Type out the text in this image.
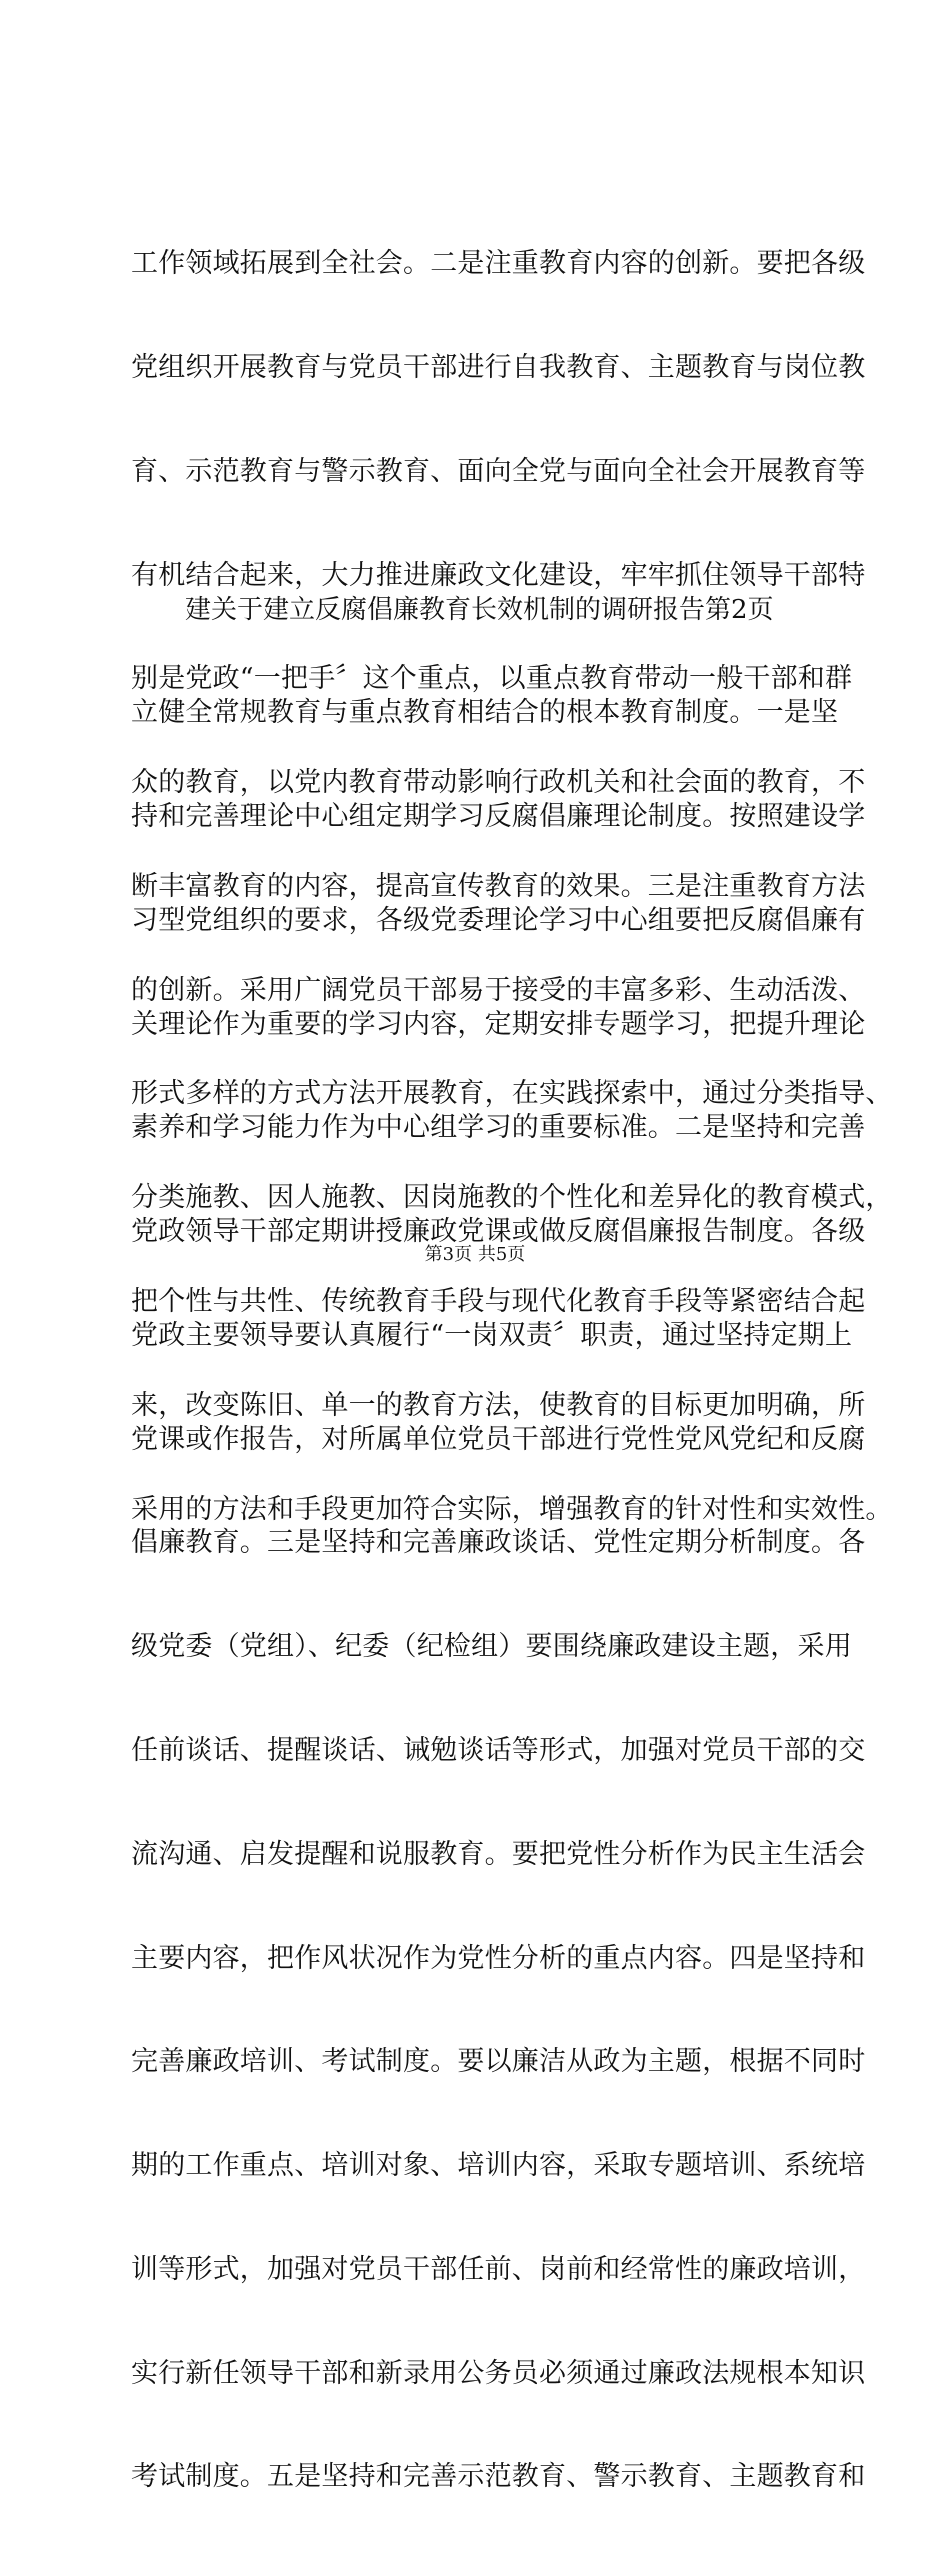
工作领域拓展到全社会。二是注重教育内容的创新。要把各级

党组织开展教育与党员干部进行自我教育、主题教育与岗位教

育、示范教育与警示教育、面向全党与面向全社会开展教育等

有机结合起来，大力推进廉政文化建设，牢牢抓住领导干部特

别是党政“一把手〞这个重点，以重点教育带动一般干部和群

众的教育，以党内教育带动影响行政机关和社会面的教育，不

断丰富教育的内容，提高宣传教育的效果。三是注重教育方法

的创新。采用广阔党员干部易于接受的丰富多彩、生动活泼、

形式多样的方式方法开展教育，在实践探索中，通过分类指导、

分类施教、因人施教、因岗施教的个性化和差异化的教育模式，

把个性与共性、传统教育手段与现代化教育手段等紧密结合起

来，改变陈旧、单一的教育方法，使教育的目标更加明确，所

采用的方法和手段更加符合实际，增强教育的针对性和实效性。

建关于建立反腐倡廉教育长效机制的调研报告第2页

立健全常规教育与重点教育相结合的根本教育制度。一是坚

持和完善理论中心组定期学习反腐倡廉理论制度。按照建设学

习型党组织的要求，各级党委理论学习中心组要把反腐倡廉有

关理论作为重要的学习内容，定期安排专题学习，把提升理论

素养和学习能力作为中心组学习的重要标准。二是坚持和完善

党政领导干部定期讲授廉政党课或做反腐倡廉报告制度。各级

党政主要领导要认真履行“一岗双责〞职责，通过坚持定期上

党课或作报告，对所属单位党员干部进行党性党风党纪和反腐

倡廉教育。三是坚持和完善廉政谈话、党性定期分析制度。各

级党委（党组）、纪委（纪检组）要围绕廉政建设主题，采用

任前谈话、提醒谈话、诫勉谈话等形式，加强对党员干部的交

流沟通、启发提醒和说服教育。要把党性分析作为民主生活会

主要内容，把作风状况作为党性分析的重点内容。四是坚持和

完善廉政培训、考试制度。要以廉洁从政为主题，根据不同时

期的工作重点、培训对象、培训内容，采取专题培训、系统培

训等形式，加强对党员干部任前、岗前和经常性的廉政培训，

实行新任领导干部和新录用公务员必须通过廉政法规根本知识

考试制度。五是坚持和完善示范教育、警示教育、主题教育和

第3页 共5页
